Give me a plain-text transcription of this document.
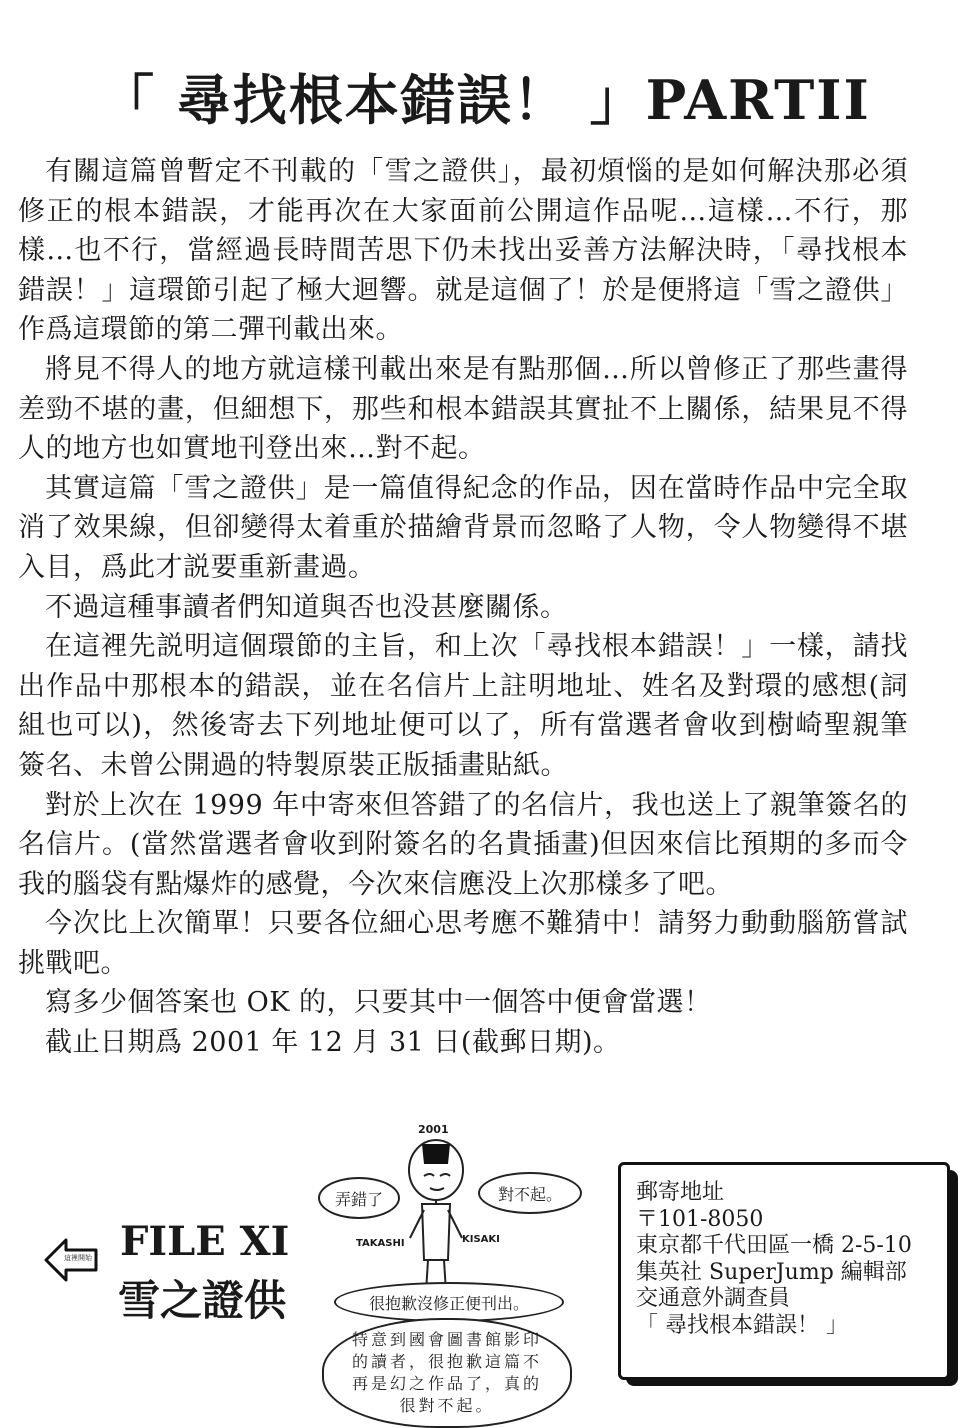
「 尋找根本錯誤！ 」PARTII

有關這篇曾暫定不刊載的「雪之證供」，最初煩惱的是如何解決那必須修正的根本錯誤，才能再次在大家面前公開這作品呢…這樣…不行，那樣…也不行，當經過長時間苦思下仍未找出妥善方法解決時，「尋找根本錯誤！」這環節引起了極大迴響。就是這個了！於是便將這「雪之證供」作爲這環節的第二彈刊載出來。

將見不得人的地方就這樣刊載出來是有點那個…所以曾修正了那些畫得差勁不堪的畫，但細想下，那些和根本錯誤其實扯不上關係，結果見不得人的地方也如實地刊登出來…對不起。

其實這篇「雪之證供」是一篇值得紀念的作品，因在當時作品中完全取消了效果線，但卻變得太着重於描繪背景而忽略了人物，令人物變得不堪入目，爲此才説要重新畫過。

不過這種事讀者們知道與否也没甚麼關係。

在這裡先説明這個環節的主旨，和上次「尋找根本錯誤！」一樣，請找出作品中那根本的錯誤，並在名信片上註明地址、姓名及對環的感想(詞組也可以)，然後寄去下列地址便可以了，所有當選者會收到樹崎聖親筆簽名、未曾公開過的特製原裝正版插畫貼紙。

對於上次在 1999 年中寄來但答錯了的名信片，我也送上了親筆簽名的名信片。(當然當選者會收到附簽名的名貴插畫)但因來信比預期的多而令我的腦袋有點爆炸的感覺，今次來信應没上次那樣多了吧。

今次比上次簡單！只要各位細心思考應不難猜中！請努力動動腦筋嘗試挑戰吧。

寫多少個答案也 OK 的，只要其中一個答中便會當選！

截止日期爲 2001 年 12 月 31 日(截郵日期)。

這裡開始 FILE XI
雪之證供
2001
TAKASHI	KISAKI
弄錯了	對不起。
很抱歉沒修正便刊出。
特意到國會圖書館影印的讀者，很抱歉這篇不再是幻之作品了，真的很對不起。
郵寄地址
〒101-8050
東京都千代田區一橋 2-5-10
集英社 SuperJump 編輯部
交通意外調查員
「 尋找根本錯誤！ 」
